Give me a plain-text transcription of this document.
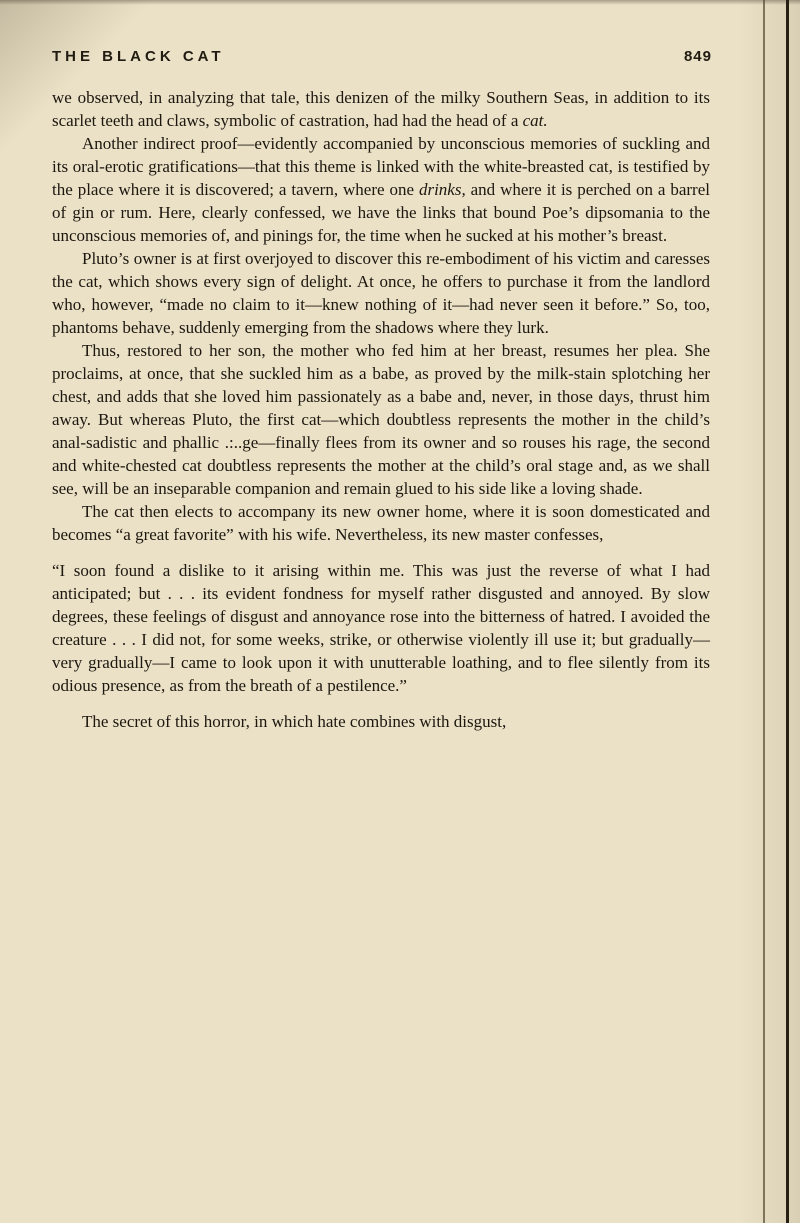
THE BLACK CAT	849

we observed, in analyzing that tale, this denizen of the milky Southern Seas, in addition to its scarlet teeth and claws, symbolic of castration, had had the head of a cat.

Another indirect proof—evidently accompanied by unconscious memories of suckling and its oral-erotic gratifications—that this theme is linked with the white-breasted cat, is testified by the place where it is discovered; a tavern, where one drinks, and where it is perched on a barrel of gin or rum. Here, clearly confessed, we have the links that bound Poe’s dipsomania to the unconscious memories of, and pinings for, the time when he sucked at his mother’s breast.

Pluto’s owner is at first overjoyed to discover this re-embodiment of his victim and caresses the cat, which shows every sign of delight. At once, he offers to purchase it from the landlord who, however, “made no claim to it—knew nothing of it—had never seen it before.” So, too, phantoms behave, suddenly emerging from the shadows where they lurk.

Thus, restored to her son, the mother who fed him at her breast, resumes her plea. She proclaims, at once, that she suckled him as a babe, as proved by the milk-stain splotching her chest, and adds that she loved him passionately as a babe and, never, in those days, thrust him away. But whereas Pluto, the first cat—which doubtless represents the mother in the child’s anal-sadistic and phallic .:..ge—finally flees from its owner and so rouses his rage, the second and white-chested cat doubtless represents the mother at the child’s oral stage and, as we shall see, will be an inseparable companion and remain glued to his side like a loving shade.

The cat then elects to accompany its new owner home, where it is soon domesticated and becomes “a great favorite” with his wife. Nevertheless, its new master confesses,

“I soon found a dislike to it arising within me. This was just the reverse of what I had anticipated; but . . . its evident fondness for myself rather disgusted and annoyed. By slow degrees, these feelings of disgust and annoyance rose into the bitterness of hatred. I avoided the creature . . . I did not, for some weeks, strike, or otherwise violently ill use it; but gradually—very gradually—I came to look upon it with unutterable loathing, and to flee silently from its odious presence, as from the breath of a pestilence.”

The secret of this horror, in which hate combines with disgust,
